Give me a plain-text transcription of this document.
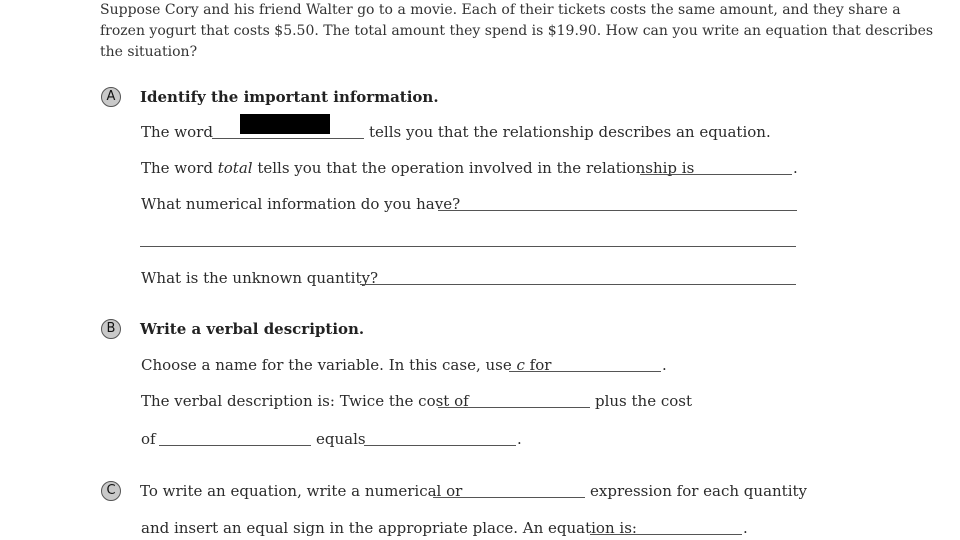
Suppose Cory and his friend Walter go to a movie. Each of their tickets costs the same amount, and they share a
frozen yogurt that costs $5.50. The total amount they spend is $19.90. How can you write an equation that describes
the situation?
A	Identify the important information.
The word	tells you that the relationship describes an equation.
The word total tells you that the operation involved in the relationship is	.
What numerical information do you have?
What is the unknown quantity?
B	Write a verbal description.
Choose a name for the variable. In this case, use c for	.
The verbal description is: Twice the cost of	plus the cost
of	equals	.
C	To write an equation, write a numerical or	expression for each quantity
and insert an equal sign in the appropriate place. An equation is:	.
